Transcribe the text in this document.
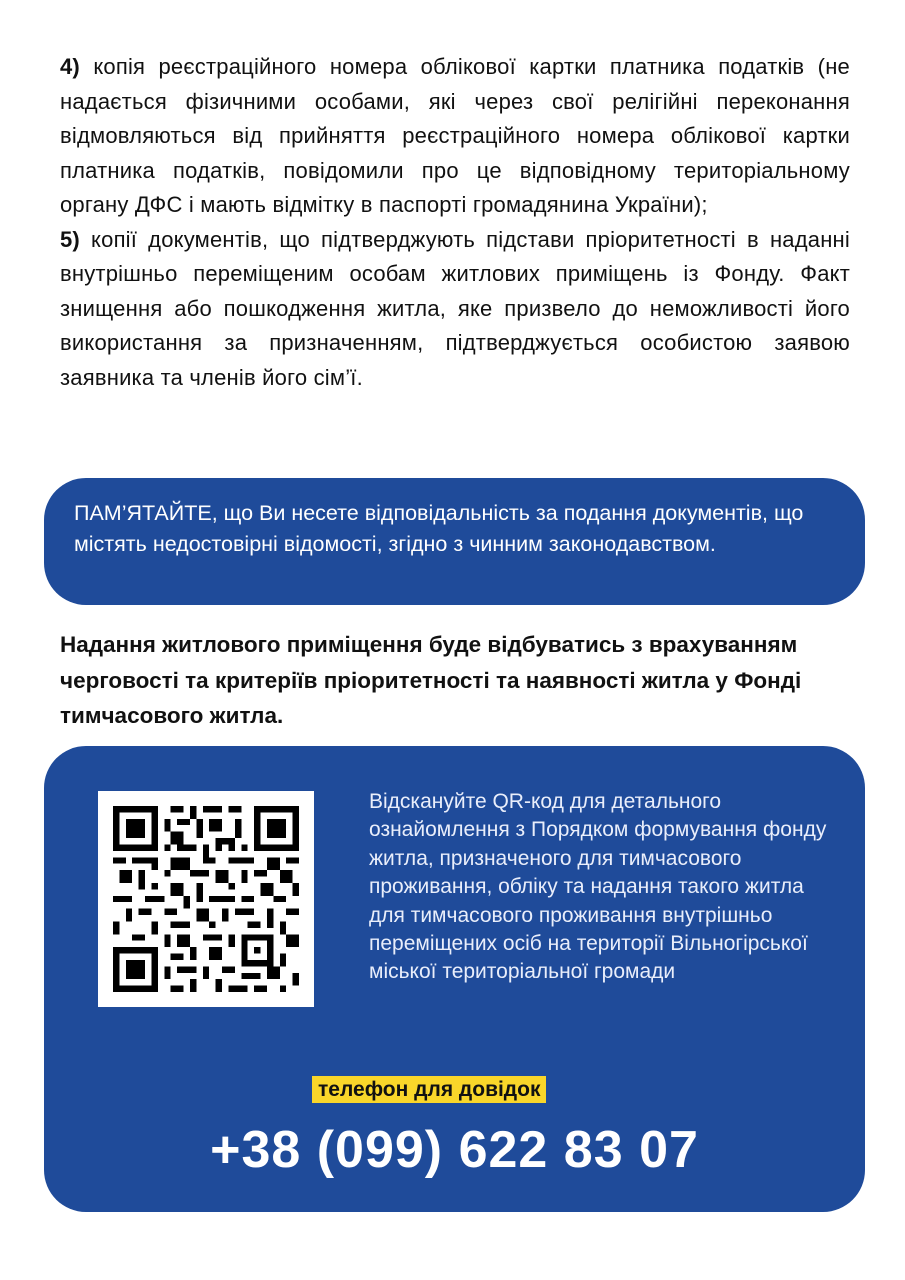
4) копія реєстраційного номера облікової картки платника податків (не надається фізичними особами, які через свої релігійні переконання відмовляються від прийняття реєстраційного номера облікової картки платника податків, повідомили про це відповідному територіальному органу ДФС і мають відмітку в паспорті громадянина України);

5) копії документів, що підтверджують підстави пріоритетності в наданні внутрішньо переміщеним особам житлових приміщень із Фонду. Факт знищення або пошкодження житла, яке призвело до неможливості його використання за призначенням, підтверджується особистою заявою заявника та членів його сім’ї.

ПАМ’ЯТАЙТЕ, що Ви несете відповідальність за подання документів, що містять недостовірні відомості, згідно з чинним законодавством.
Надання житлового приміщення буде відбуватись з врахуванням черговості та критеріїв пріоритетності та наявності житла у Фонді тимчасового житла.
Відскануйте QR-код для детального ознайомлення з Порядком формування фонду житла, призначеного для тимчасового проживання, обліку та надання такого житла для тимчасового проживання внутрішньо переміщених осіб на території Вільногірської міської територіальної громади
телефон для довідок
+38 (099) 622 83 07
